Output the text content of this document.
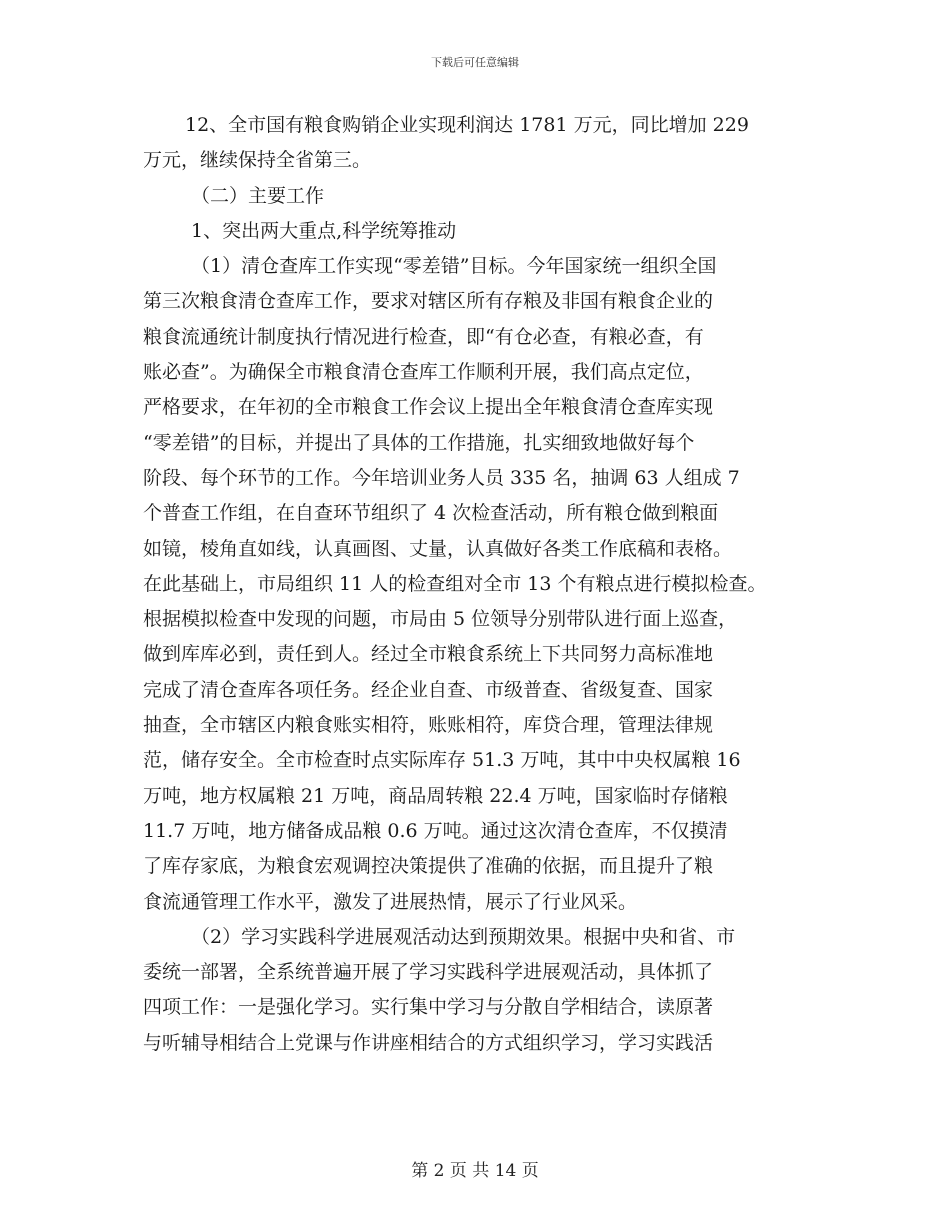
下载后可任意编辑

12、全市国有粮食购销企业实现利润达 1781 万元，同比增加 229

万元，继续保持全省第三。

（二）主要工作

1、突出两大重点,科学统筹推动

（1）清仓查库工作实现“零差错”目标。今年国家统一组织全国

第三次粮食清仓查库工作，要求对辖区所有存粮及非国有粮食企业的

粮食流通统计制度执行情况进行检查，即“有仓必查，有粮必查，有

账必查”。为确保全市粮食清仓查库工作顺利开展，我们高点定位，

严格要求，在年初的全市粮食工作会议上提出全年粮食清仓查库实现

“零差错”的目标，并提出了具体的工作措施，扎实细致地做好每个

阶段、每个环节的工作。今年培训业务人员 335 名，抽调 63 人组成 7

个普查工作组，在自查环节组织了 4 次检查活动，所有粮仓做到粮面

如镜，棱角直如线，认真画图、丈量，认真做好各类工作底稿和表格。

在此基础上，市局组织 11 人的检查组对全市 13 个有粮点进行模拟检查。

根据模拟检查中发现的问题，市局由 5 位领导分别带队进行面上巡查，

做到库库必到，责任到人。经过全市粮食系统上下共同努力高标准地

完成了清仓查库各项任务。经企业自查、市级普查、省级复查、国家

抽查，全市辖区内粮食账实相符，账账相符，库贷合理，管理法律规

范，储存安全。全市检查时点实际库存 51.3 万吨，其中中央权属粮 16

万吨，地方权属粮 21 万吨，商品周转粮 22.4 万吨，国家临时存储粮

11.7 万吨，地方储备成品粮 0.6 万吨。通过这次清仓查库，不仅摸清

了库存家底，为粮食宏观调控决策提供了准确的依据，而且提升了粮

食流通管理工作水平，激发了进展热情，展示了行业风采。

（2）学习实践科学进展观活动达到预期效果。根据中央和省、市

委统一部署，全系统普遍开展了学习实践科学进展观活动，具体抓了

四项工作：一是强化学习。实行集中学习与分散自学相结合，读原著

与听辅导相结合上党课与作讲座相结合的方式组织学习，学习实践活

第 2 页 共 14 页
